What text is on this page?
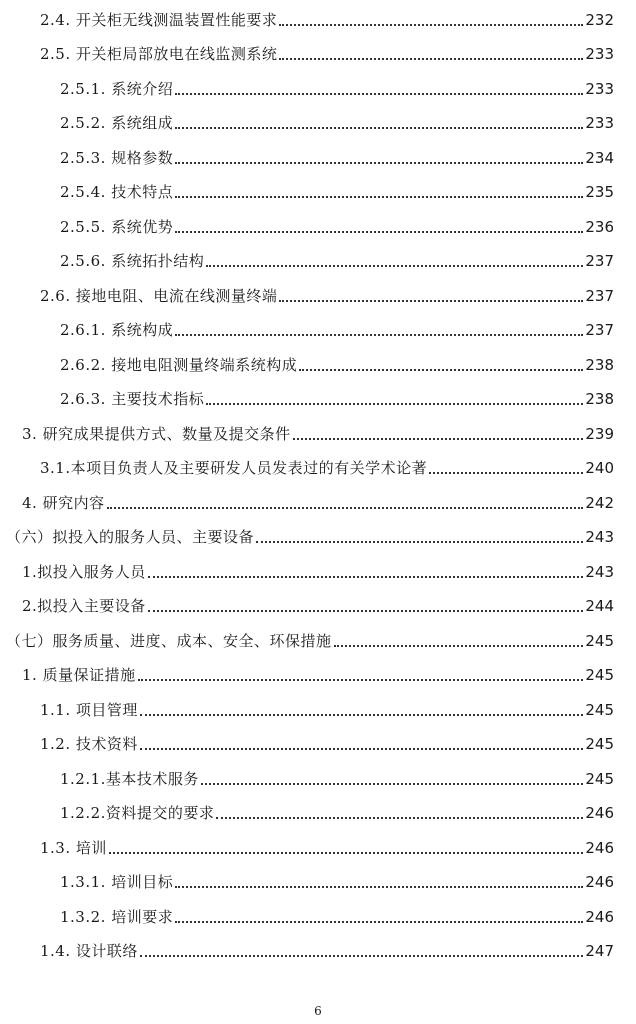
2.4. 开关柜无线测温装置性能要求	232
2.5. 开关柜局部放电在线监测系统	233
2.5.1. 系统介绍	233
2.5.2. 系统组成	233
2.5.3. 规格参数	234
2.5.4. 技术特点	235
2.5.5. 系统优势	236
2.5.6. 系统拓扑结构	237
2.6. 接地电阻、电流在线测量终端	237
2.6.1. 系统构成	237
2.6.2. 接地电阻测量终端系统构成	238
2.6.3. 主要技术指标	238
3. 研究成果提供方式、数量及提交条件	239
3.1.本项目负责人及主要研发人员发表过的有关学术论著	240
4. 研究内容	242
（六）拟投入的服务人员、主要设备	243
1.拟投入服务人员	243
2.拟投入主要设备	244
（七）服务质量、进度、成本、安全、环保措施	245
1. 质量保证措施	245
1.1. 项目管理	245
1.2. 技术资料	245
1.2.1.基本技术服务	245
1.2.2.资料提交的要求	246
1.3. 培训	246
1.3.1. 培训目标	246
1.3.2. 培训要求	246
1.4. 设计联络	247
6
